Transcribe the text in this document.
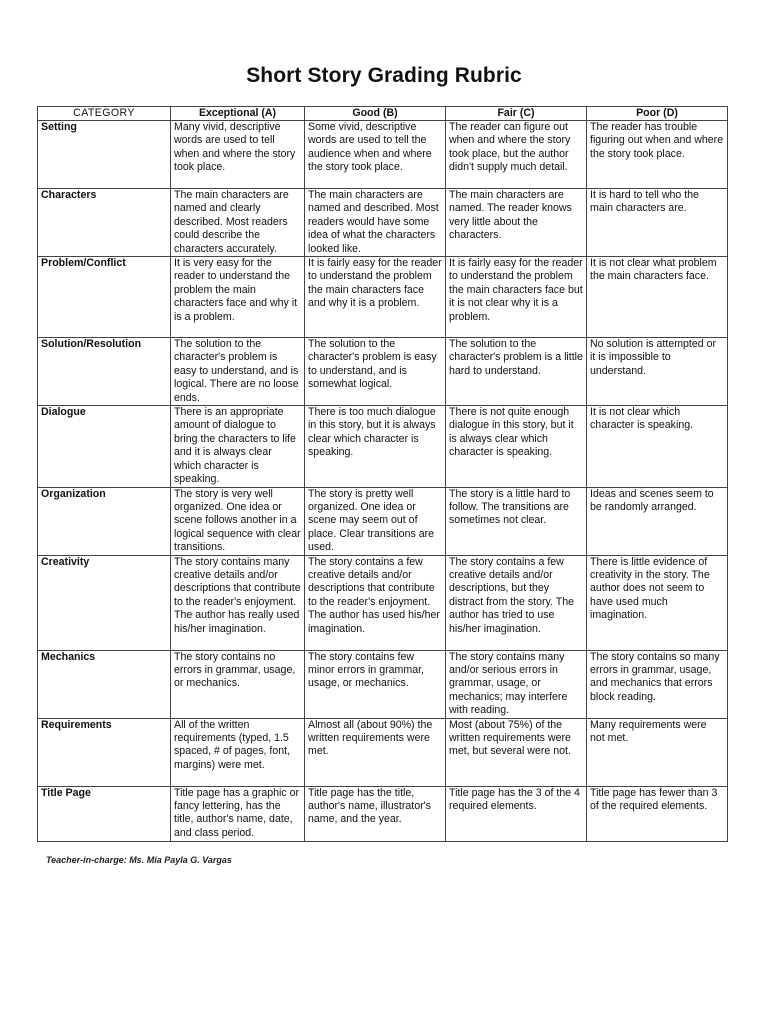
Short Story Grading Rubric
CATEGORY	Exceptional (A)	Good (B)	Fair (C)	Poor (D)
Setting	Many vivid, descriptive words are used to tell when and where the story took place.	Some vivid, descriptive words are used to tell the audience when and where the story took place.	The reader can figure out when and where the story took place, but the author didn't supply much detail.	The reader has trouble figuring out when and where the story took place.
Characters	The main characters are named and clearly described. Most readers could describe the characters accurately.	The main characters are named and described. Most readers would have some idea of what the characters looked like.	The main characters are named. The reader knows very little about the characters.	It is hard to tell who the main characters are.
Problem/Conflict	It is very easy for the reader to understand the problem the main characters face and why it is a problem.	It is fairly easy for the reader to understand the problem the main characters face and why it is a problem.	It is fairly easy for the reader to understand the problem the main characters face but it is not clear why it is a problem.	It is not clear what problem the main characters face.
Solution/Resolution	The solution to the character's problem is easy to understand, and is logical. There are no loose ends.	The solution to the character's problem is easy to understand, and is somewhat logical.	The solution to the character's problem is a little hard to understand.	No solution is attempted or it is impossible to understand.
Dialogue	There is an appropriate amount of dialogue to bring the characters to life and it is always clear which character is speaking.	There is too much dialogue in this story, but it is always clear which character is speaking.	There is not quite enough dialogue in this story, but it is always clear which character is speaking.	It is not clear which character is speaking.
Organization	The story is very well organized. One idea or scene follows another in a logical sequence with clear transitions.	The story is pretty well organized. One idea or scene may seem out of place. Clear transitions are used.	The story is a little hard to follow. The transitions are sometimes not clear.	Ideas and scenes seem to be randomly arranged.
Creativity	The story contains many creative details and/or descriptions that contribute to the reader's enjoyment. The author has really used his/her imagination.	The story contains a few creative details and/or descriptions that contribute to the reader's enjoyment. The author has used his/her imagination.	The story contains a few creative details and/or descriptions, but they distract from the story. The author has tried to use his/her imagination.	There is little evidence of creativity in the story. The author does not seem to have used much imagination.
Mechanics	The story contains no errors in grammar, usage, or mechanics.	The story contains few minor errors in grammar, usage, or mechanics.	The story contains many and/or serious errors in grammar, usage, or mechanics; may interfere with reading.	The story contains so many errors in grammar, usage, and mechanics that errors block reading.
Requirements	All of the written requirements (typed, 1.5 spaced, # of pages, font, margins) were met.	Almost all (about 90%) the written requirements were met.	Most (about 75%) of the written requirements were met, but several were not.	Many requirements were not met.
Title Page	Title page has a graphic or fancy lettering, has the title, author's name, date, and class period.	Title page has the title, author's name, illustrator's name, and the year.	Title page has the 3 of the 4 required elements.	Title page has fewer than 3 of the required elements.
Teacher-in-charge: Ms. Mia Payla G. Vargas
